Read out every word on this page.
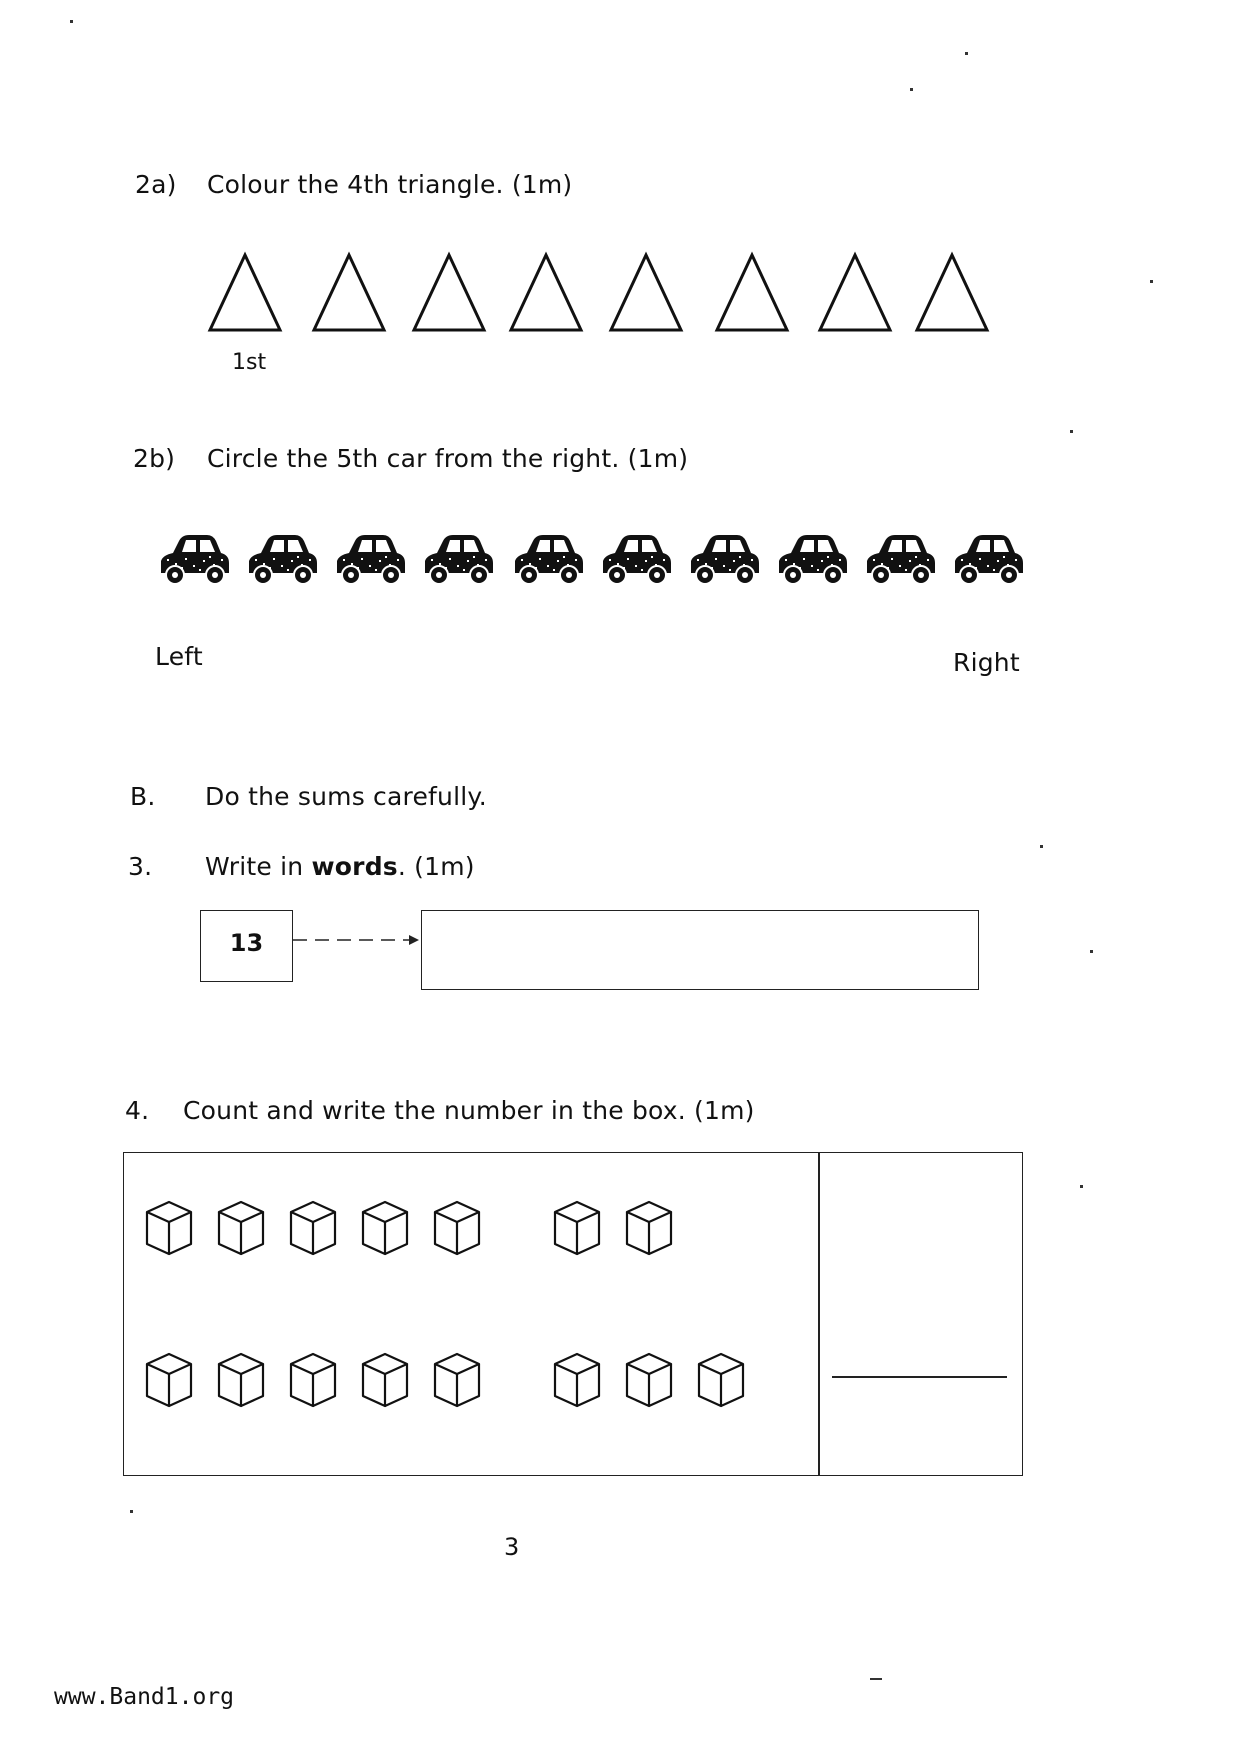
2a) Colour the 4th triangle. (1m)
1st
2b) Circle the 5th car from the right. (1m)
Left	Right
B. Do the sums carefully.
3. Write in words. (1m)
13
4. Count and write the number in the box. (1m)
3
www.Band1.org
